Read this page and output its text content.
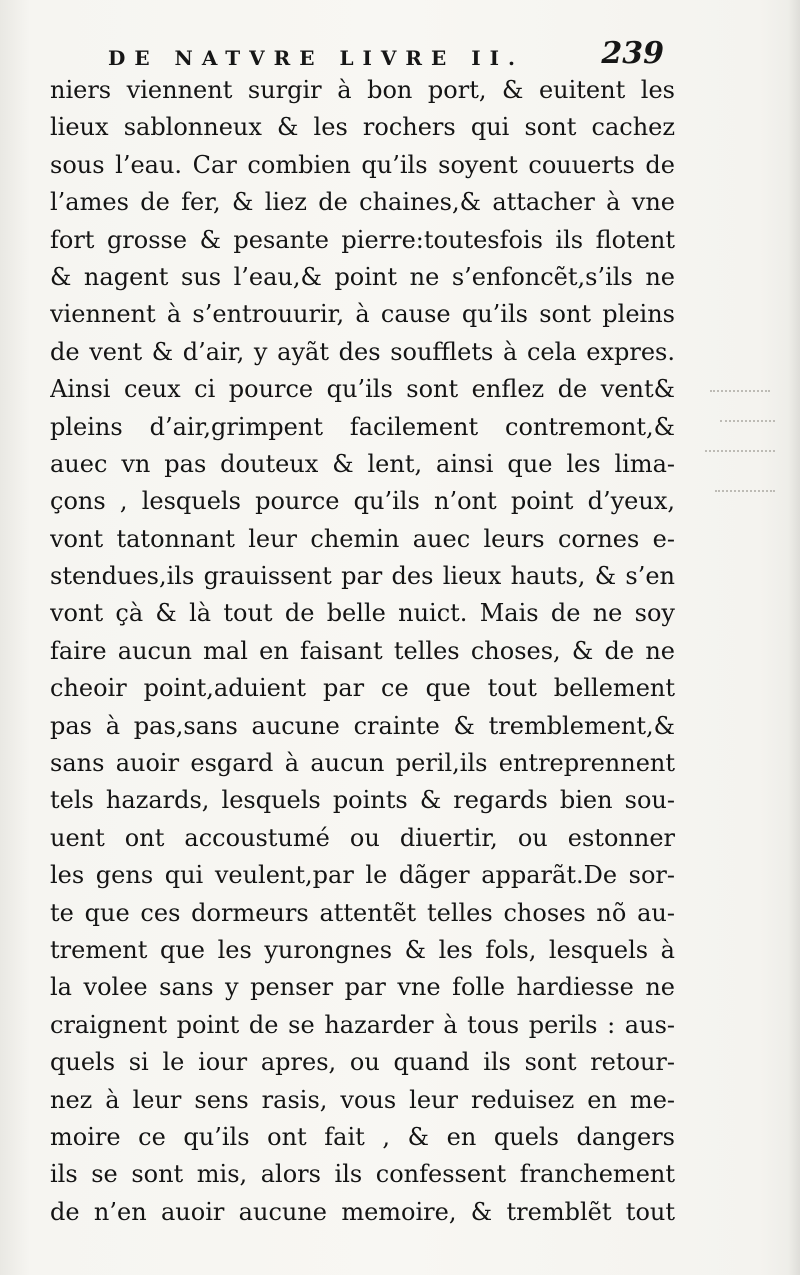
DE NATVRE LIVRE II.	239
niers viennent surgir à bon port, & euitent les
lieux sablonneux & les rochers qui sont cachez
sous l’eau. Car combien qu’ils soyent couuerts de
l’ames de fer, & liez de chaines,& attacher à vne
fort grosse & pesante pierre:toutesfois ils flotent
& nagent sus l’eau,& point ne s’enfoncẽt,s’ils ne
viennent à s’entrouurir, à cause qu’ils sont pleins
de vent & d’air, y ayãt des soufflets à cela expres.
Ainsi ceux ci pource qu’ils sont enflez de vent&
pleins d’air,grimpent facilement contremont,&
auec vn pas douteux & lent, ainsi que les lima-
çons , lesquels pource qu’ils n’ont point d’yeux,
vont tatonnant leur chemin auec leurs cornes e-
stendues,ils grauissent par des lieux hauts, & s’en
vont çà & là tout de belle nuict. Mais de ne soy
faire aucun mal en faisant telles choses, & de ne
cheoir point,aduient par ce que tout bellement
pas à pas,sans aucune crainte & tremblement,&
sans auoir esgard à aucun peril,ils entreprennent
tels hazards, lesquels points & regards bien sou-
uent ont accoustumé ou diuertir, ou estonner
les gens qui veulent,par le dãger apparãt.De sor-
te que ces dormeurs attentẽt telles choses nõ au-
trement que les yurongnes & les fols, lesquels à
la volee sans y penser par vne folle hardiesse ne
craignent point de se hazarder à tous perils : aus-
quels si le iour apres, ou quand ils sont retour-
nez à leur sens rasis, vous leur reduisez en me-
moire ce qu’ils ont fait , & en quels dangers
ils se sont mis, alors ils confessent franchement
de n’en auoir aucune memoire, & tremblẽt tout
